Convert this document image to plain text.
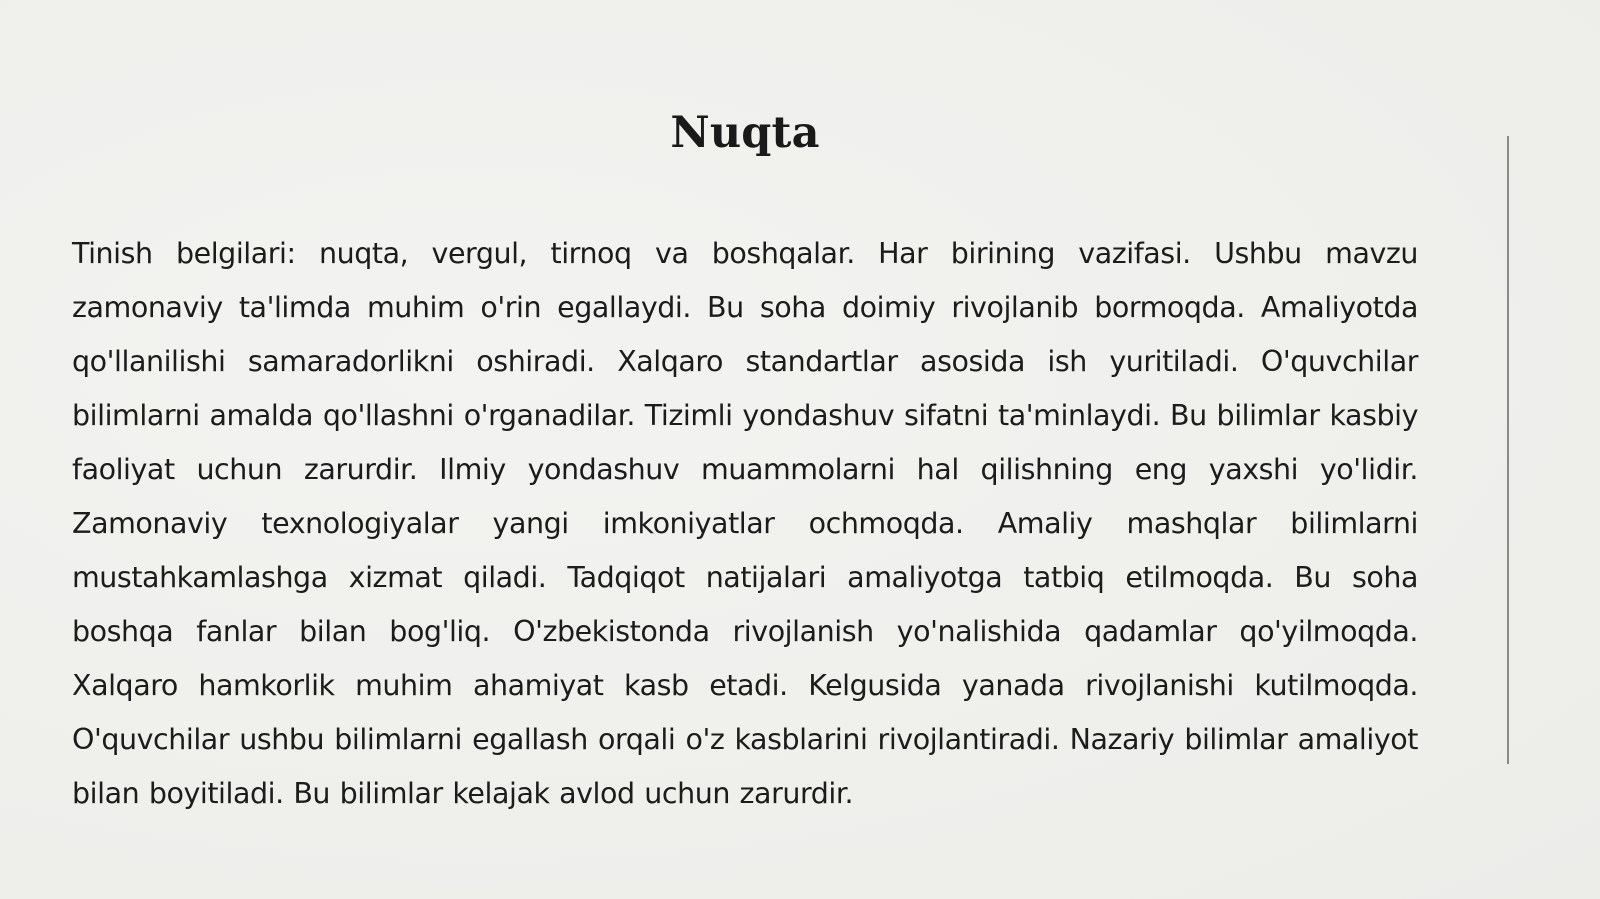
Nuqta

Tinish belgilari: nuqta, vergul, tirnoq va boshqalar. Har birining vazifasi. Ushbu mavzu zamonaviy ta'limda muhim o'rin egallaydi. Bu soha doimiy rivojlanib bormoqda. Amaliyotda qo'llanilishi samaradorlikni oshiradi. Xalqaro standartlar asosida ish yuritiladi. O'quvchilar bilimlarni amalda qo'llashni o'rganadilar. Tizimli yondashuv sifatni ta'minlaydi. Bu bilimlar kasbiy faoliyat uchun zarurdir. Ilmiy yondashuv muammolarni hal qilishning eng yaxshi yo'lidir. Zamonaviy texnologiyalar yangi imkoniyatlar ochmoqda. Amaliy mashqlar bilimlarni mustahkamlashga xizmat qiladi. Tadqiqot natijalari amaliyotga tatbiq etilmoqda. Bu soha boshqa fanlar bilan bog'liq. O'zbekistonda rivojlanish yo'nalishida qadamlar qo'yilmoqda. Xalqaro hamkorlik muhim ahamiyat kasb etadi. Kelgusida yanada rivojlanishi kutilmoqda. O'quvchilar ushbu bilimlarni egallash orqali o'z kasblarini rivojlantiradi. Nazariy bilimlar amaliyot bilan boyitiladi. Bu bilimlar kelajak avlod uchun zarurdir.
